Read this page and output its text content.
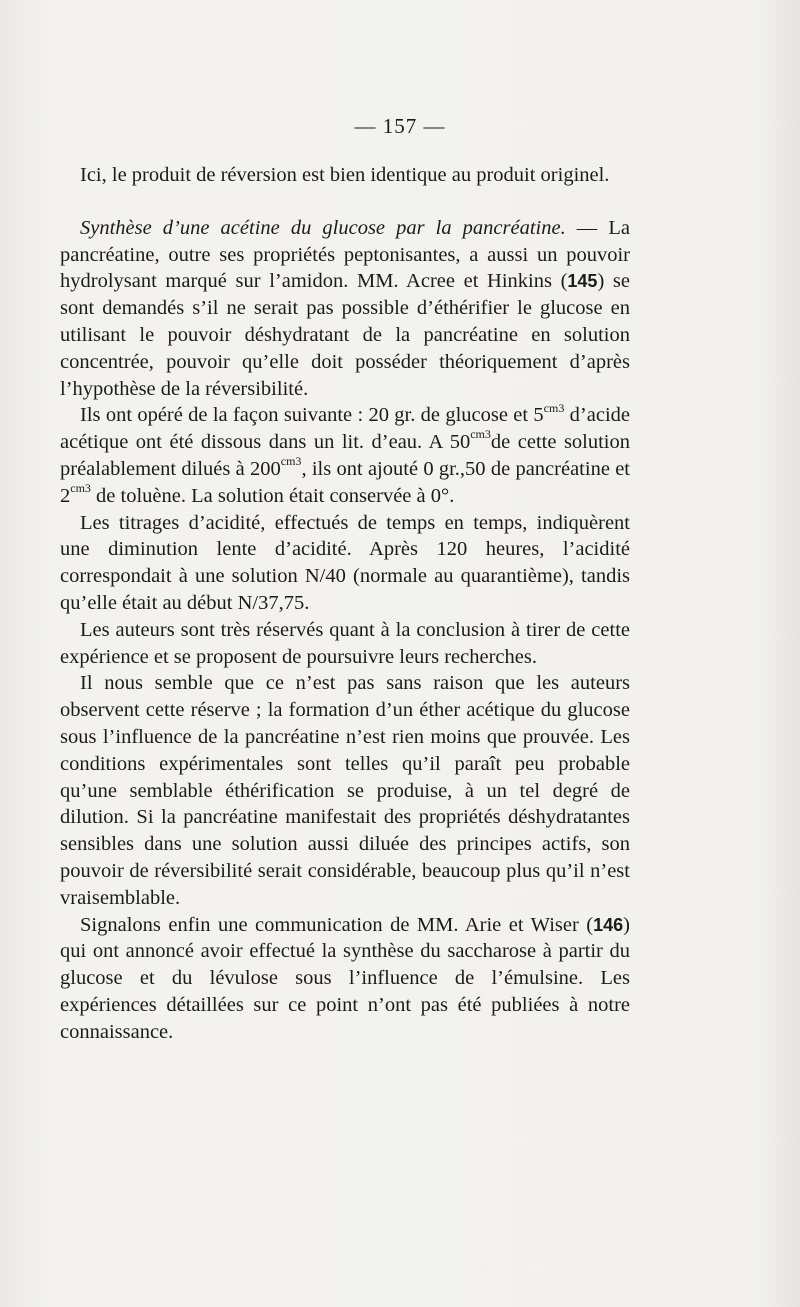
— 157 —

Ici, le produit de réversion est bien identique au produit originel.

Synthèse d’une acétine du glucose par la pancréatine. — La pancréatine, outre ses propriétés peptonisantes, a aussi un pouvoir hydrolysant marqué sur l’amidon. MM. Acree et Hinkins (145) se sont demandés s’il ne serait pas possible d’éthérifier le glucose en utilisant le pouvoir déshydratant de la pancréatine en solution concentrée, pouvoir qu’elle doit posséder théoriquement d’après l’hypothèse de la réversibilité.

Ils ont opéré de la façon suivante : 20 gr. de glucose et $5^{cm3}$ d’acide acétique ont été dissous dans un lit. d’eau. A $50^{cm3}de$ cette solution préalablement dilués à $200^{cm3}$, ils ont ajouté 0 gr.,50 de pancréatine et $2^{cm3}$ de toluène. La solution était conservée à 0°.

Les titrages d’acidité, effectués de temps en temps, indiquèrent une diminution lente d’acidité. Après 120 heures, l’acidité correspondait à une solution N/40 (normale au quarantième), tandis qu’elle était au début N/37,75.

Les auteurs sont très réservés quant à la conclusion à tirer de cette expérience et se proposent de poursuivre leurs recherches.

Il nous semble que ce n’est pas sans raison que les auteurs observent cette réserve ; la formation d’un éther acétique du glucose sous l’influence de la pancréatine n’est rien moins que prouvée. Les conditions expérimentales sont telles qu’il paraît peu probable qu’une semblable éthérification se produise, à un tel degré de dilution. Si la pancréatine manifestait des propriétés déshydratantes sensibles dans une solution aussi diluée des principes actifs, son pouvoir de réversibilité serait considérable, beaucoup plus qu’il n’est vraisemblable.

Signalons enfin une communication de MM. Arie et Wiser (146) qui ont annoncé avoir effectué la synthèse du saccharose à partir du glucose et du lévulose sous l’influence de l’émulsine. Les expériences détaillées sur ce point n’ont pas été publiées à notre connaissance.
